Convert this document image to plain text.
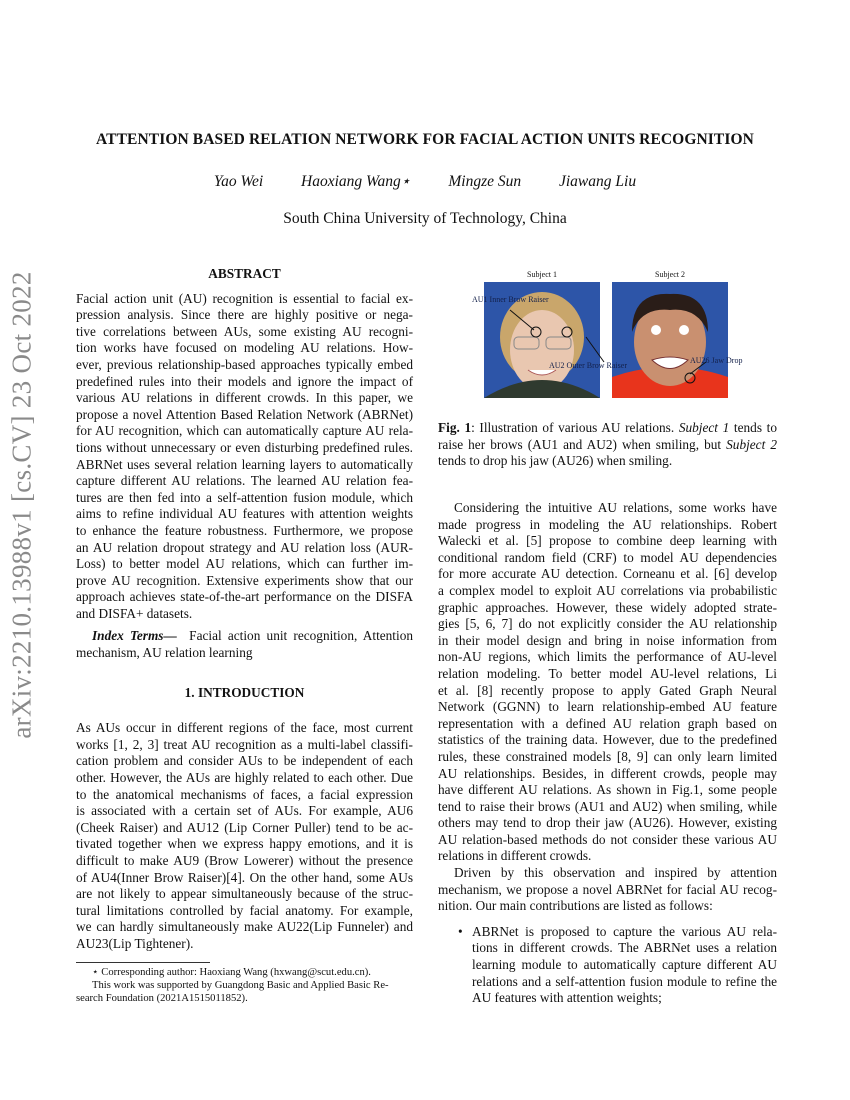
arXiv:2210.13988v1 [cs.CV] 23 Oct 2022
ATTENTION BASED RELATION NETWORK FOR FACIAL ACTION UNITS RECOGNITION
Yao Wei Haoxiang Wang⋆ Mingze Sun Jiawang Liu
South China University of Technology, China
ABSTRACT
Facial action unit (AU) recognition is essential to facial ex-
pression analysis. Since there are highly positive or nega-
tive correlations between AUs, some existing AU recogni-
tion works have focused on modeling AU relations. How-
ever, previous relationship-based approaches typically embed
predefined rules into their models and ignore the impact of
various AU relations in different crowds. In this paper, we
propose a novel Attention Based Relation Network (ABRNet)
for AU recognition, which can automatically capture AU rela-
tions without unnecessary or even disturbing predefined rules.
ABRNet uses several relation learning layers to automatically
capture different AU relations. The learned AU relation fea-
tures are then fed into a self-attention fusion module, which
aims to refine individual AU features with attention weights
to enhance the feature robustness. Furthermore, we propose
an AU relation dropout strategy and AU relation loss (AUR-
Loss) to better model AU relations, which can further im-
prove AU recognition. Extensive experiments show that our
approach achieves state-of-the-art performance on the DISFA
and DISFA+ datasets.
Index Terms— Facial action unit recognition, Attention
mechanism, AU relation learning
1. INTRODUCTION
As AUs occur in different regions of the face, most current
works [1, 2, 3] treat AU recognition as a multi-label classifi-
cation problem and consider AUs to be independent of each
other. However, the AUs are highly related to each other. Due
to the anatomical mechanisms of faces, a facial expression
is associated with a certain set of AUs. For example, AU6
(Cheek Raiser) and AU12 (Lip Corner Puller) tend to be ac-
tivated together when we express happy emotions, and it is
difficult to make AU9 (Brow Lowerer) without the presence
of AU4(Inner Brow Raiser)[4]. On the other hand, some AUs
are not likely to appear simultaneously because of the struc-
tural limitations controlled by facial anatomy. For example,
we can hardly simultaneously make AU22(Lip Funneler) and
AU23(Lip Tightener).
⋆ Corresponding author: Haoxiang Wang (hxwang@scut.edu.cn).
This work was supported by Guangdong Basic and Applied Basic Re-
search Foundation (2021A1515011852).
Subject 1	Subject 2
AU1 Inner Brow Raiser
AU2 Outer Brow Raiser
AU26 Jaw Drop
Fig. 1: Illustration of various AU relations. Subject 1 tends to
raise her brows (AU1 and AU2) when smiling, but Subject 2
tends to drop his jaw (AU26) when smiling.
Considering the intuitive AU relations, some works have
made progress in modeling the AU relationships. Robert
Walecki et al. [5] propose to combine deep learning with
conditional random field (CRF) to model AU dependencies
for more accurate AU detection. Corneanu et al. [6] develop
a complex model to exploit AU correlations via probabilistic
graphic approaches. However, these widely adopted strate-
gies [5, 6, 7] do not explicitly consider the AU relationship
in their model design and bring in noise information from
non-AU regions, which limits the performance of AU-level
relation modeling. To better model AU-level relations, Li
et al. [8] recently propose to apply Gated Graph Neural
Network (GGNN) to learn relationship-embed AU feature
representation with a defined AU relation graph based on
statistics of the training data. However, due to the predefined
rules, these constrained models [8, 9] can only learn limited
AU relationships. Besides, in different crowds, people may
have different AU relations. As shown in Fig.1, some people
tend to raise their brows (AU1 and AU2) when smiling, while
others may tend to drop their jaw (AU26). However, existing
AU relation-based methods do not consider these various AU
relations in different crowds.
Driven by this observation and inspired by attention
mechanism, we propose a novel ABRNet for facial AU recog-
nition. Our main contributions are listed as follows:
• ABRNet is proposed to capture the various AU rela-
tions in different crowds. The ABRNet uses a relation
learning module to automatically capture different AU
relations and a self-attention fusion module to refine the
AU features with attention weights;
